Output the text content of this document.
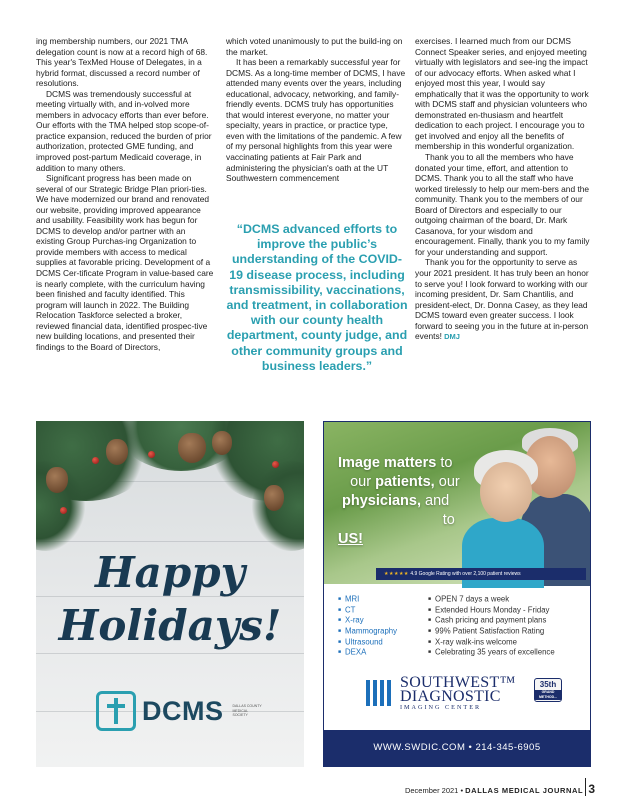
ing membership numbers, our 2021 TMA delegation count is now at a record high of 68. This year's TexMed House of Delegates, in a hybrid format, discussed a record number of resolutions.

DCMS was tremendously successful at meeting virtually with, and in-volved more members in advocacy efforts than ever before. Our efforts with the TMA helped stop scope-of-practice expansion, reduced the burden of prior authorization, protected GME funding, and improved post-partum Medicaid coverage, in addition to many others.

Significant progress has been made on several of our Strategic Bridge Plan priori-ties. We have modernized our brand and renovated our website, providing improved appearance and usability. Feasibility work has begun for DCMS to develop and/or partner with an existing Group Purchas-ing Organization to provide members with access to medical supplies at favorable pricing. Development of a DCMS Cer-tificate Program in value-based care is nearly complete, with the curriculum having been finished and faculty identified. This program will launch in 2022. The Building Relocation Taskforce selected a broker, reviewed financial data, identified prospec-tive new building locations, and presented their findings to the Board of Directors,

which voted unanimously to put the build-ing on the market.

It has been a remarkably successful year for DCMS. As a long-time member of DCMS, I have attended many events over the years, including educational, advocacy, networking, and family-friendly events. DCMS truly has opportunities that would interest everyone, no matter your specialty, years in practice, or practice type, even with the limitations of the pandemic. A few of my personal highlights from this year were vaccinating patients at Fair Park and administering the physician's oath at the UT Southwestern commencement

“DCMS advanced efforts to improve the public’s understanding of the COVID-19 disease process, including transmissibility, vaccinations, and treatment, in collaboration with our county health department, county judge, and other community groups and business leaders.”

exercises. I learned much from our DCMS Connect Speaker series, and enjoyed meeting virtually with legislators and see-ing the impact of our advocacy efforts. When asked what I enjoyed most this year, I would say emphatically that it was the opportunity to work with DCMS staff and physician volunteers who demonstrated en-thusiasm and heartfelt dedication to each project. I encourage you to get involved and enjoy all the benefits of membership in this wonderful organization.

Thank you to all the members who have donated your time, effort, and attention to DCMS. Thank you to all the staff who have worked tirelessly to help our mem-bers and the community. Thank you to the members of our Board of Directors and especially to our outgoing chairman of the board, Dr. Mark Casanova, for your wisdom and encouragement. Finally, thank you to my family for your understanding and support.

Thank you for the opportunity to serve as your 2021 president. It has truly been an honor to serve you! I look forward to working with our incoming president, Dr. Sam Chantilis, and president-elect, Dr. Donna Casey, as they lead DCMS toward even greater success. I look forward to seeing you in the future at in-person events! DMJ

Happy
Holidays!
DCMS	DALLAS COUNTY MEDICAL SOCIETY
Image matters to
our patients, our
physicians, and
to US!
★★★★★ 4.9 Google Rating with over 2,100 patient reviews
■ MRI
■ CT
■ X-ray
■ Mammography
■ Ultrasound
■ DEXA
■ OPEN 7 days a week
■ Extended Hours Monday - Friday
■ Cash pricing and payment plans
■ 99% Patient Satisfaction Rating
■ X-ray walk-ins welcome
■ Celebrating 35 years of excellence
SOUTHWEST™
DIAGNOSTIC
IMAGING CENTER
35th
GRAND METHOD...
WWW.SWDIC.COM • 214-345-6905
December 2021 • DALLAS MEDICAL JOURNAL 3
